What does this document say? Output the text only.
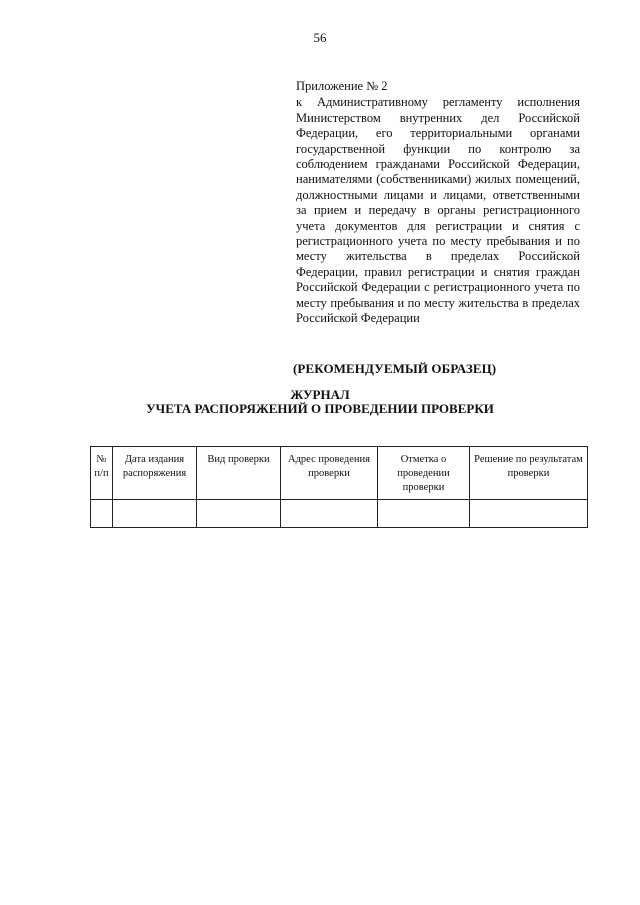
56

Приложение № 2

к Административному регламенту исполнения Министерством внутренних дел Российской Федерации, его территориальными органами государственной функции по контролю за соблюдением гражданами Российской Федерации, нанимателями (собственниками) жилых помещений, должностными лицами и лицами, ответственными за прием и передачу в органы регистрационного учета документов для регистрации и снятия с регистрационного учета по месту пребывания и по месту жительства в пределах Российской Федерации, правил регистрации и снятия граждан Российской Федерации с регистрационного учета по месту пребывания и по месту жительства в пределах Российской Федерации

(РЕКОМЕНДУЕМЫЙ ОБРАЗЕЦ)
ЖУРНАЛ
УЧЕТА РАСПОРЯЖЕНИЙ О ПРОВЕДЕНИИ ПРОВЕРКИ
№ п/п	Дата издания распоряжения	Вид проверки	Адрес проведения проверки	Отметка о проведении проверки	Решение по результатам проверки
